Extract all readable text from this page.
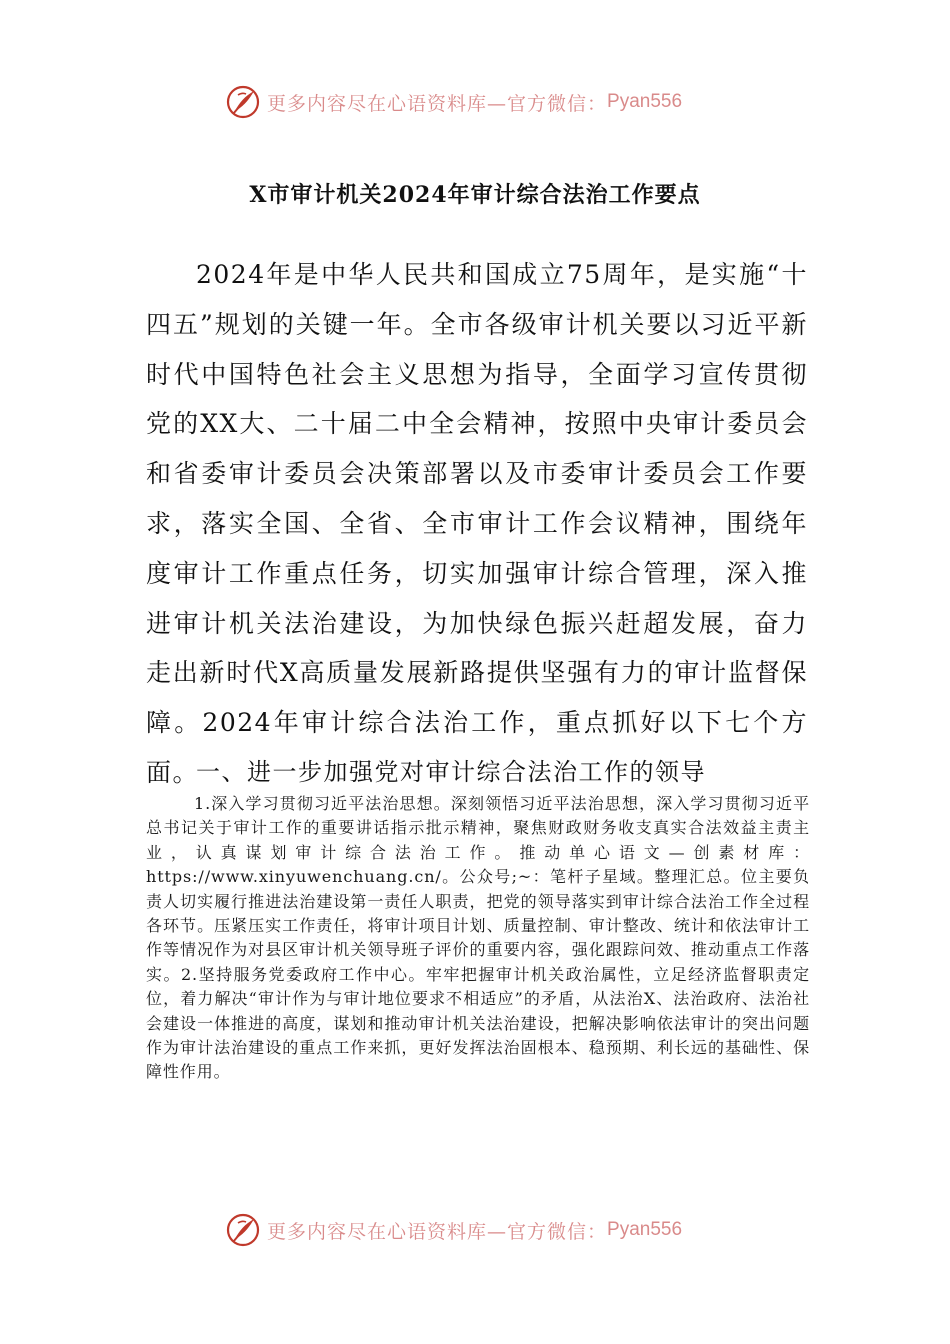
更多内容尽在心语资料库—官方微信： Pyan556
X市审计机关2024年审计综合法治工作要点

2024年是中华人民共和国成立75周年，是实施“十四五”规划的关键一年。全市各级审计机关要以习近平新时代中国特色社会主义思想为指导，全面学习宣传贯彻党的XX大、二十届二中全会精神，按照中央审计委员会和省委审计委员会决策部署以及市委审计委员会工作要求，落实全国、全省、全市审计工作会议精神，围绕年度审计工作重点任务，切实加强审计综合管理，深入推进审计机关法治建设，为加快绿色振兴赶超发展，奋力走出新时代X高质量发展新路提供坚强有力的审计监督保障。2024年审计综合法治工作，重点抓好以下七个方面。

一、进一步加强党对审计综合法治工作的领导

1.深入学习贯彻习近平法治思想。深刻领悟习近平法治思想，深入学习贯彻习近平总书记关于审计工作的重要讲话指示批示精神，聚焦财政财务收支真实合法效益主责主业，认真谋划审计综合法治工作。推动单心语文—创素材库：https://www.xinyuwenchuang.cn/。公众号;~：笔杆子星域。整理汇总。位主要负责人切实履行推进法治建设第一责任人职责，把党的领导落实到审计综合法治工作全过程各环节。压紧压实工作责任，将审计项目计划、质量控制、审计整改、统计和依法审计工作等情况作为对县区审计机关领导班子评价的重要内容，强化跟踪问效、推动重点工作落实。2.坚持服务党委政府工作中心。牢牢把握审计机关政治属性，立足经济监督职责定位，着力解决“审计作为与审计地位要求不相适应”的矛盾，从法治X、法治政府、法治社会建设一体推进的高度，谋划和推动审计机关法治建设，把解决影响依法审计的突出问题作为审计法治建设的重点工作来抓，更好发挥法治固根本、稳预期、利长远的基础性、保障性作用。

更多内容尽在心语资料库—官方微信： Pyan556
